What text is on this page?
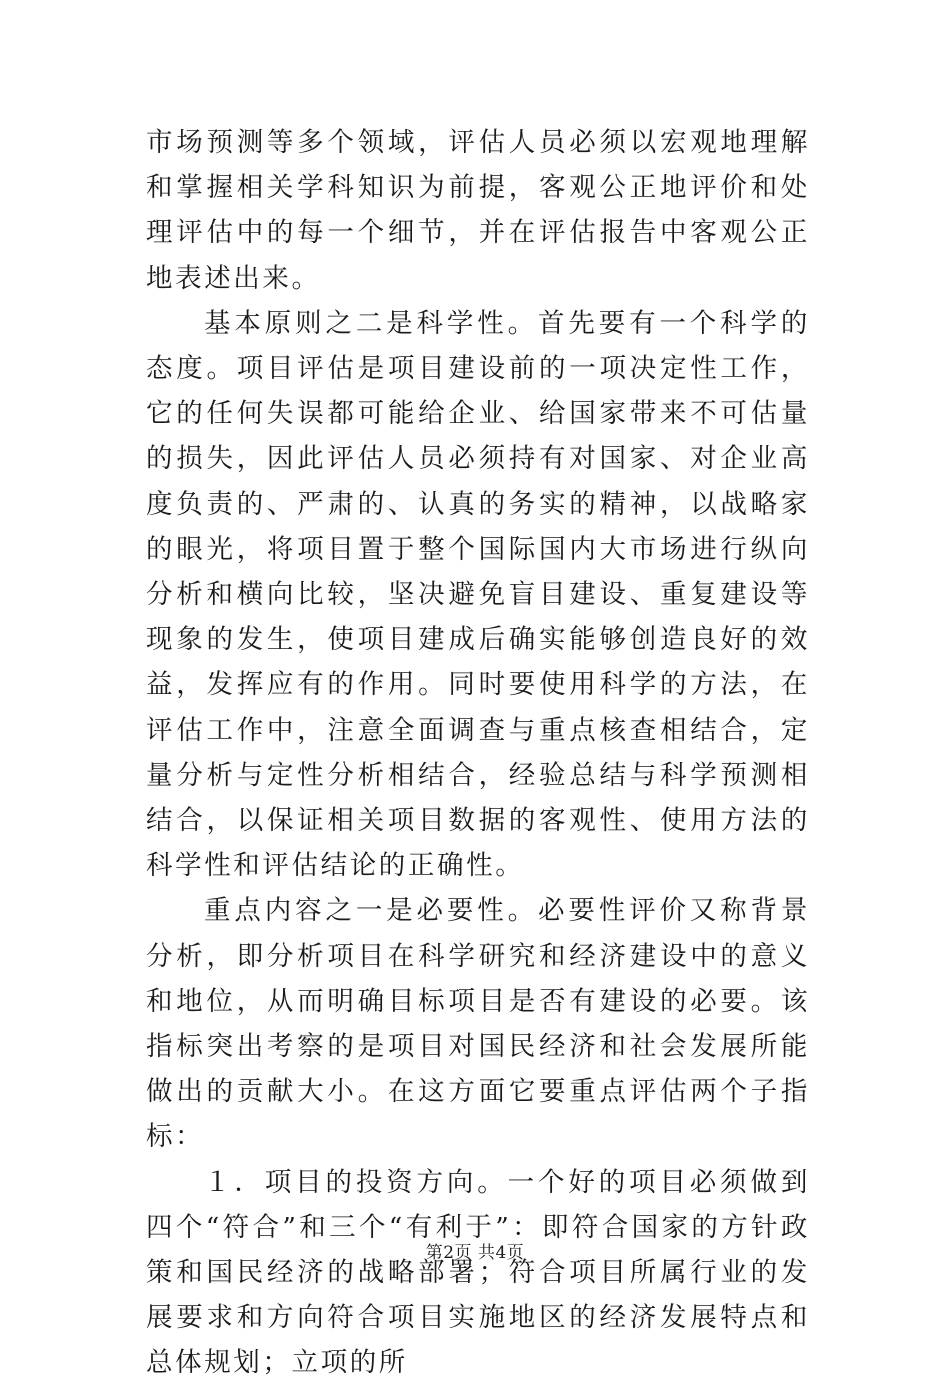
市场预测等多个领域，评估人员必须以宏观地理解和掌握相关学科知识为前提，客观公正地评价和处理评估中的每一个细节，并在评估报告中客观公正地表述出来。

基本原则之二是科学性。首先要有一个科学的态度。项目评估是项目建设前的一项决定性工作，它的任何失误都可能给企业、给国家带来不可估量的损失，因此评估人员必须持有对国家、对企业高度负责的、严肃的、认真的务实的精神，以战略家的眼光，将项目置于整个国际国内大市场进行纵向分析和横向比较，坚决避免盲目建设、重复建设等现象的发生，使项目建成后确实能够创造良好的效益，发挥应有的作用。同时要使用科学的方法，在评估工作中，注意全面调查与重点核查相结合，定量分析与定性分析相结合，经验总结与科学预测相结合，以保证相关项目数据的客观性、使用方法的科学性和评估结论的正确性。

重点内容之一是必要性。必要性评价又称背景分析，即分析项目在科学研究和经济建设中的意义和地位，从而明确目标项目是否有建设的必要。该指标突出考察的是项目对国民经济和社会发展所能做出的贡献大小。在这方面它要重点评估两个子指标：

１．项目的投资方向。一个好的项目必须做到四个“符合”和三个“有利于”：即符合国家的方针政策和国民经济的战略部署；符合项目所属行业的发展要求和方向符合项目实施地区的经济发展特点和总体规划；立项的所

第2页 共4页
